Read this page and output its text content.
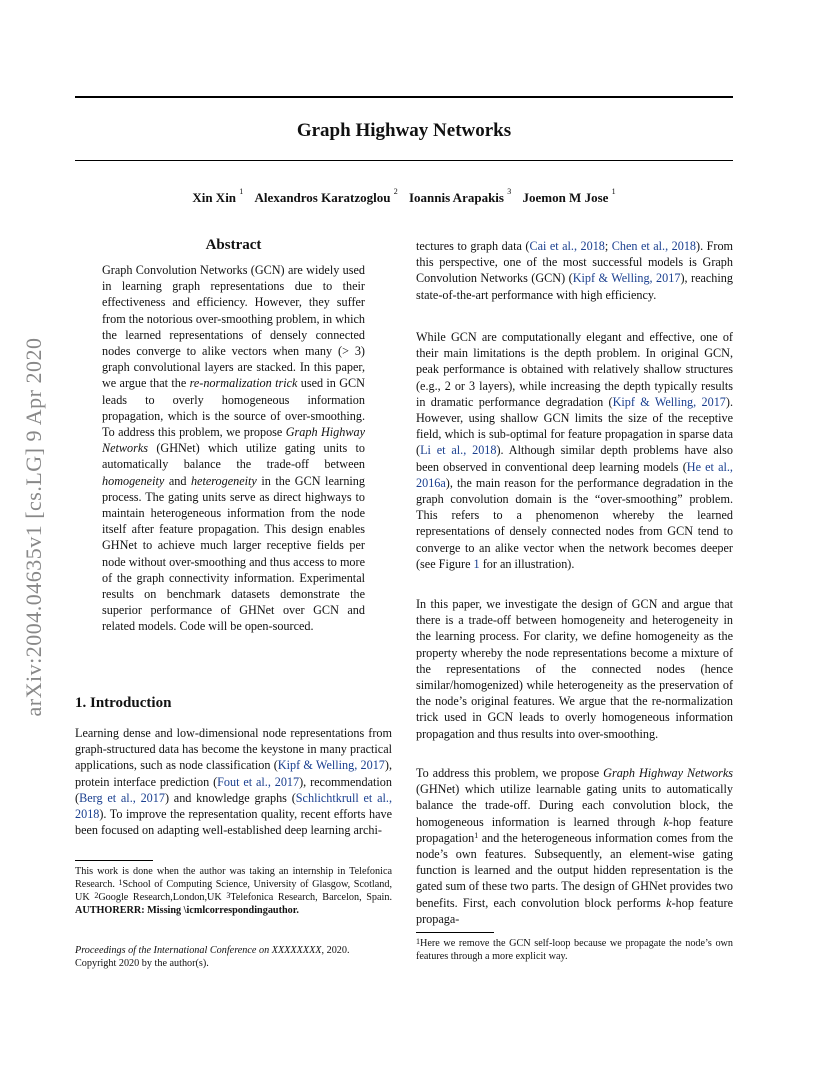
Graph Highway Networks
Xin Xin $^1$ Alexandros Karatzoglou $^2$ Ioannis Arapakis $^3$ Joemon M Jose $^1$
arXiv:2004.04635v1 [cs.LG] 9 Apr 2020
Abstract
Graph Convolution Networks (GCN) are widely used in learning graph representations due to their effectiveness and efficiency. However, they suffer from the notorious over-smoothing problem, in which the learned representations of densely connected nodes converge to alike vectors when many (> 3) graph convolutional layers are stacked. In this paper, we argue that the re-normalization trick used in GCN leads to overly homogeneous information propagation, which is the source of over-smoothing. To address this problem, we propose Graph Highway Networks (GHNet) which utilize gating units to automatically balance the trade-off between homogeneity and heterogeneity in the GCN learning process. The gating units serve as direct highways to maintain heterogeneous information from the node itself after feature propagation. This design enables GHNet to achieve much larger receptive fields per node without over-smoothing and thus access to more of the graph connectivity information. Experimental results on benchmark datasets demonstrate the superior performance of GHNet over GCN and related models. Code will be open-sourced.
1. Introduction
Learning dense and low-dimensional node representations from graph-structured data has become the keystone in many practical applications, such as node classification (Kipf & Welling, 2017), protein interface prediction (Fout et al., 2017), recommendation (Berg et al., 2017) and knowledge graphs (Schlichtkrull et al., 2018). To improve the representation quality, recent efforts have been focused on adapting well-established deep learning archi-
This work is done when the author was taking an internship in Telefonica Research. $^1$School of Computing Science, University of Glasgow, Scotland, UK $^2$Google Research,London,UK $^3$Telefonica Research, Barcelon, Spain. AUTHORERR: Missing \icmlcorrespondingauthor.
Proceedings of the International Conference on XXXXXXXX, 2020. Copyright 2020 by the author(s).
tectures to graph data (Cai et al., 2018; Chen et al., 2018). From this perspective, one of the most successful models is Graph Convolution Networks (GCN) (Kipf & Welling, 2017), reaching state-of-the-art performance with high efficiency.
While GCN are computationally elegant and effective, one of their main limitations is the depth problem. In original GCN, peak performance is obtained with relatively shallow structures (e.g., 2 or 3 layers), while increasing the depth typically results in dramatic performance degradation (Kipf & Welling, 2017). However, using shallow GCN limits the size of the receptive field, which is sub-optimal for feature propagation in sparse data (Li et al., 2018). Although similar depth problems have also been observed in conventional deep learning models (He et al., 2016a), the main reason for the performance degradation in the graph convolution domain is the “over-smoothing” problem. This refers to a phenomenon whereby the learned representations of densely connected nodes from GCN tend to converge to an alike vector when the network becomes deeper (see Figure 1 for an illustration).
In this paper, we investigate the design of GCN and argue that there is a trade-off between homogeneity and heterogeneity in the learning process. For clarity, we define homogeneity as the property whereby the node representations become a mixture of the representations of the connected nodes (hence similar/homogenized) while heterogeneity as the preservation of the node’s original features. We argue that the re-normalization trick used in GCN leads to overly homogeneous information propagation and thus results into over-smoothing.
To address this problem, we propose Graph Highway Networks (GHNet) which utilize learnable gating units to automatically balance the trade-off. During each convolution block, the homogeneous information is learned through k-hop feature propagation$^1$ and the heterogeneous information comes from the node’s own features. Subsequently, an element-wise gating function is learned and the output hidden representation is the gated sum of these two parts. The design of GHNet provides two benefits. First, each convolution block performs k-hop feature propaga-
$^1$Here we remove the GCN self-loop because we propagate the node’s own features through a more explicit way.
